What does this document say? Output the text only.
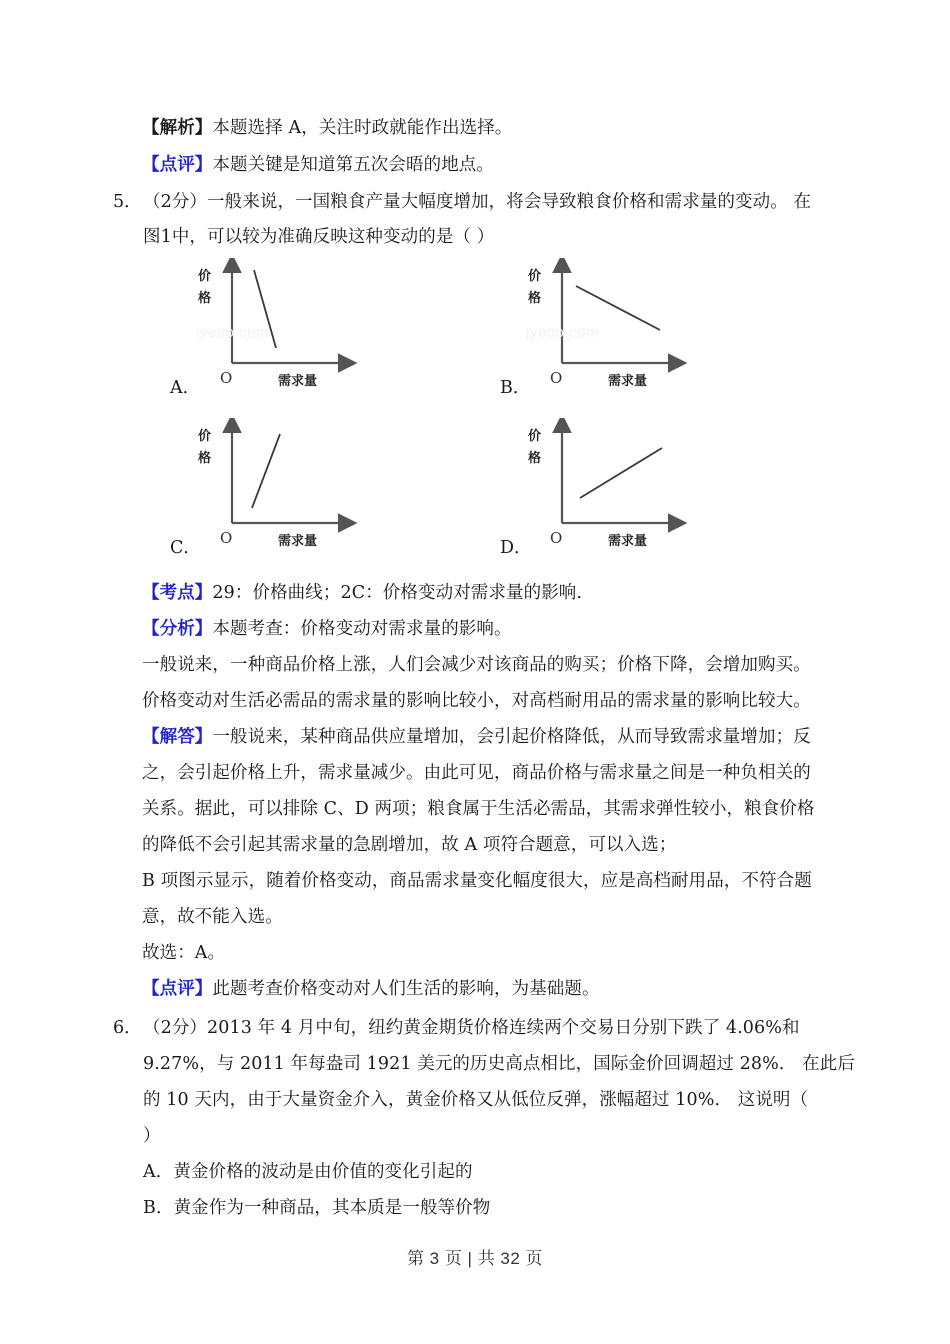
【解析】本题选择 A，关注时政就能作出选择。
【点评】本题关键是知道第五次会晤的地点。
5． （2分）一般来说，一国粮食产量大幅度增加，将会导致粮食价格和需求量的变动。 在
图1中，可以较为准确反映这种变动的是（ ）
价
格
O	需求量
A．
jyeoo.com
价
格
O	需求量
B．
jyeoo.com
价
格
O	需求量
C．
价
格
O	需求量
D．
【考点】29：价格曲线；2C：价格变动对需求量的影响.
【分析】本题考查：价格变动对需求量的影响。
一般说来，一种商品价格上涨，人们会减少对该商品的购买；价格下降，会增加购买。
价格变动对生活必需品的需求量的影响比较小，对高档耐用品的需求量的影响比较大。
【解答】一般说来，某种商品供应量增加，会引起价格降低，从而导致需求量增加；反
之，会引起价格上升，需求量减少。由此可见，商品价格与需求量之间是一种负相关的
关系。据此，可以排除 C、D 两项；粮食属于生活必需品，其需求弹性较小，粮食价格
的降低不会引起其需求量的急剧增加，故 A 项符合题意，可以入选；
B 项图示显示，随着价格变动，商品需求量变化幅度很大，应是高档耐用品，不符合题
意，故不能入选。
故选：A。
【点评】此题考查价格变动对人们生活的影响，为基础题。
6． （2分）2013 年 4 月中旬，纽约黄金期货价格连续两个交易日分别下跌了 4.06%和
9.27%，与 2011 年每盎司 1921 美元的历史高点相比，国际金价回调超过 28%． 在此后
的 10 天内，由于大量资金介入，黄金价格又从低位反弹，涨幅超过 10%． 这说明（
）
A．黄金价格的波动是由价值的变化引起的
B．黄金作为一种商品，其本质是一般等价物
第 3 页 | 共 32 页
